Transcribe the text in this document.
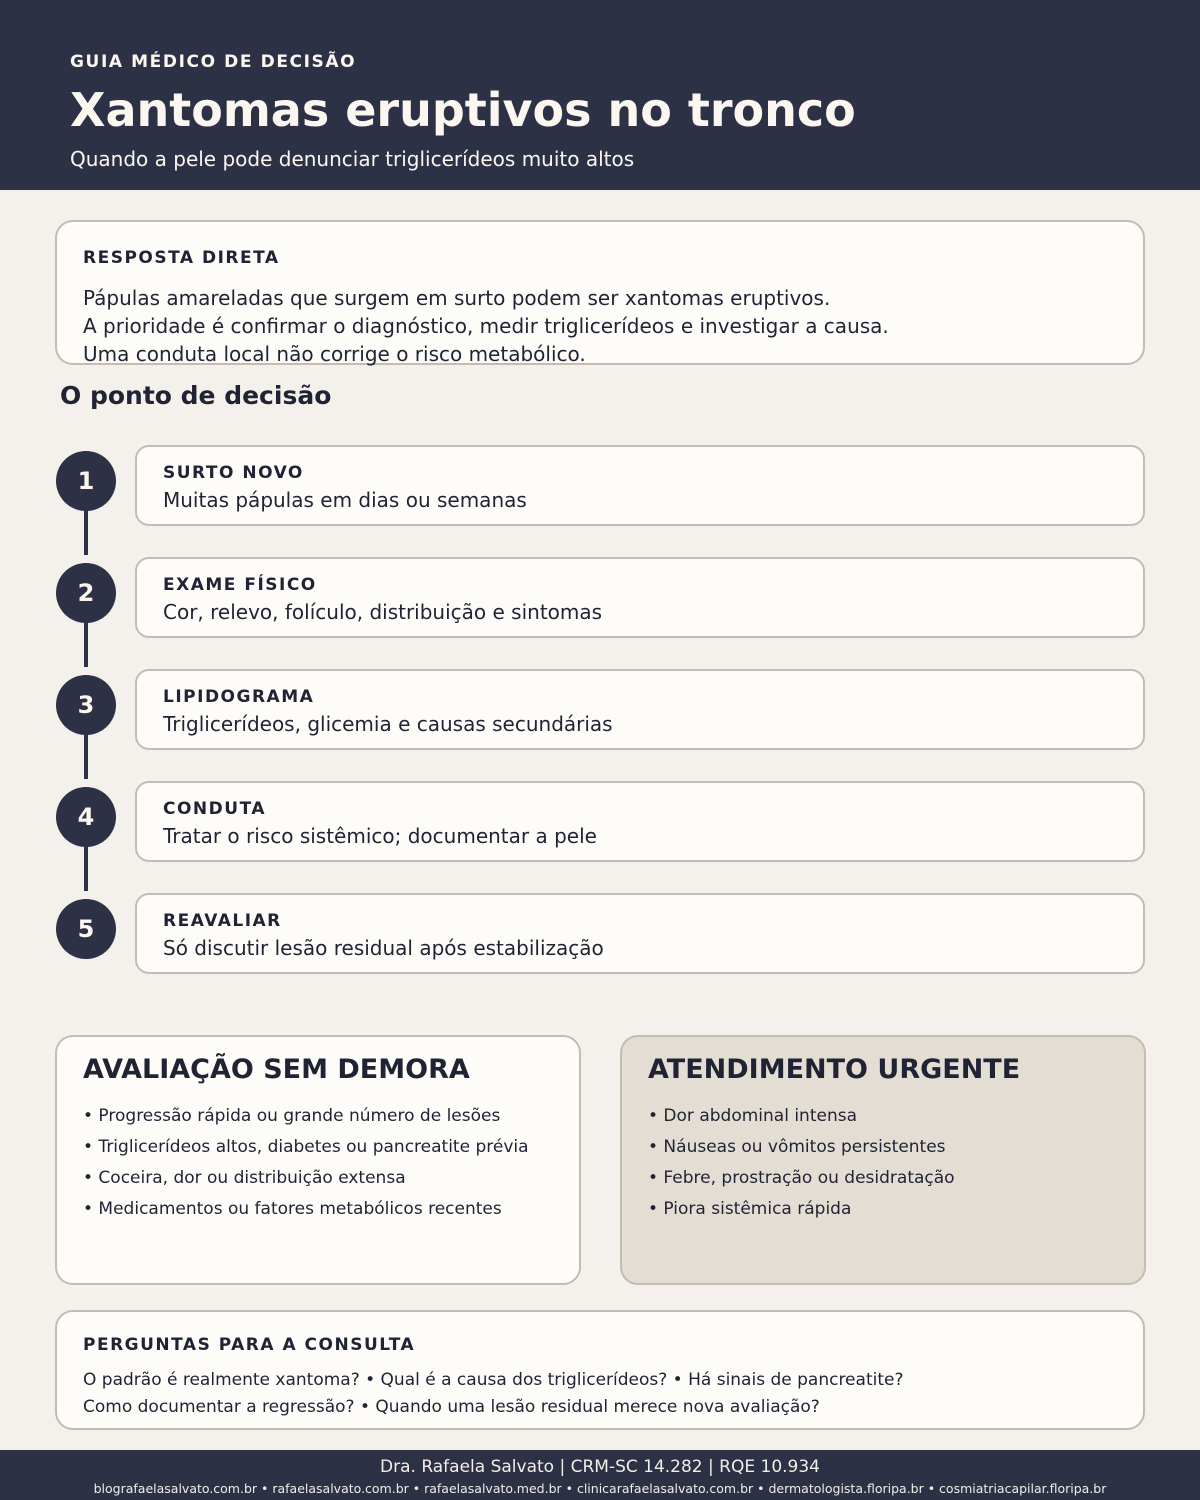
GUIA MÉDICO DE DECISÃO
Xantomas eruptivos no tronco
Quando a pele pode denunciar triglicerídeos muito altos
RESPOSTA DIRETA
Pápulas amareladas que surgem em surto podem ser xantomas eruptivos.
A prioridade é confirmar o diagnóstico, medir triglicerídeos e investigar a causa.
Uma conduta local não corrige o risco metabólico.
O ponto de decisão
1	SURTO NOVO
Muitas pápulas em dias ou semanas
2	EXAME FÍSICO
Cor, relevo, folículo, distribuição e sintomas
3	LIPIDOGRAMA
Triglicerídeos, glicemia e causas secundárias
4	CONDUTA
Tratar o risco sistêmico; documentar a pele
5	REAVALIAR
Só discutir lesão residual após estabilização
AVALIAÇÃO SEM DEMORA
• Progressão rápida ou grande número de lesões
• Triglicerídeos altos, diabetes ou pancreatite prévia
• Coceira, dor ou distribuição extensa
• Medicamentos ou fatores metabólicos recentes
ATENDIMENTO URGENTE
• Dor abdominal intensa
• Náuseas ou vômitos persistentes
• Febre, prostração ou desidratação
• Piora sistêmica rápida
PERGUNTAS PARA A CONSULTA
O padrão é realmente xantoma? • Qual é a causa dos triglicerídeos? • Há sinais de pancreatite?
Como documentar a regressão? • Quando uma lesão residual merece nova avaliação?
Dra. Rafaela Salvato | CRM-SC 14.282 | RQE 10.934
blografaelasalvato.com.br • rafaelasalvato.com.br • rafaelasalvato.med.br • clinicarafaelasalvato.com.br • dermatologista.floripa.br • cosmiatriacapilar.floripa.br
